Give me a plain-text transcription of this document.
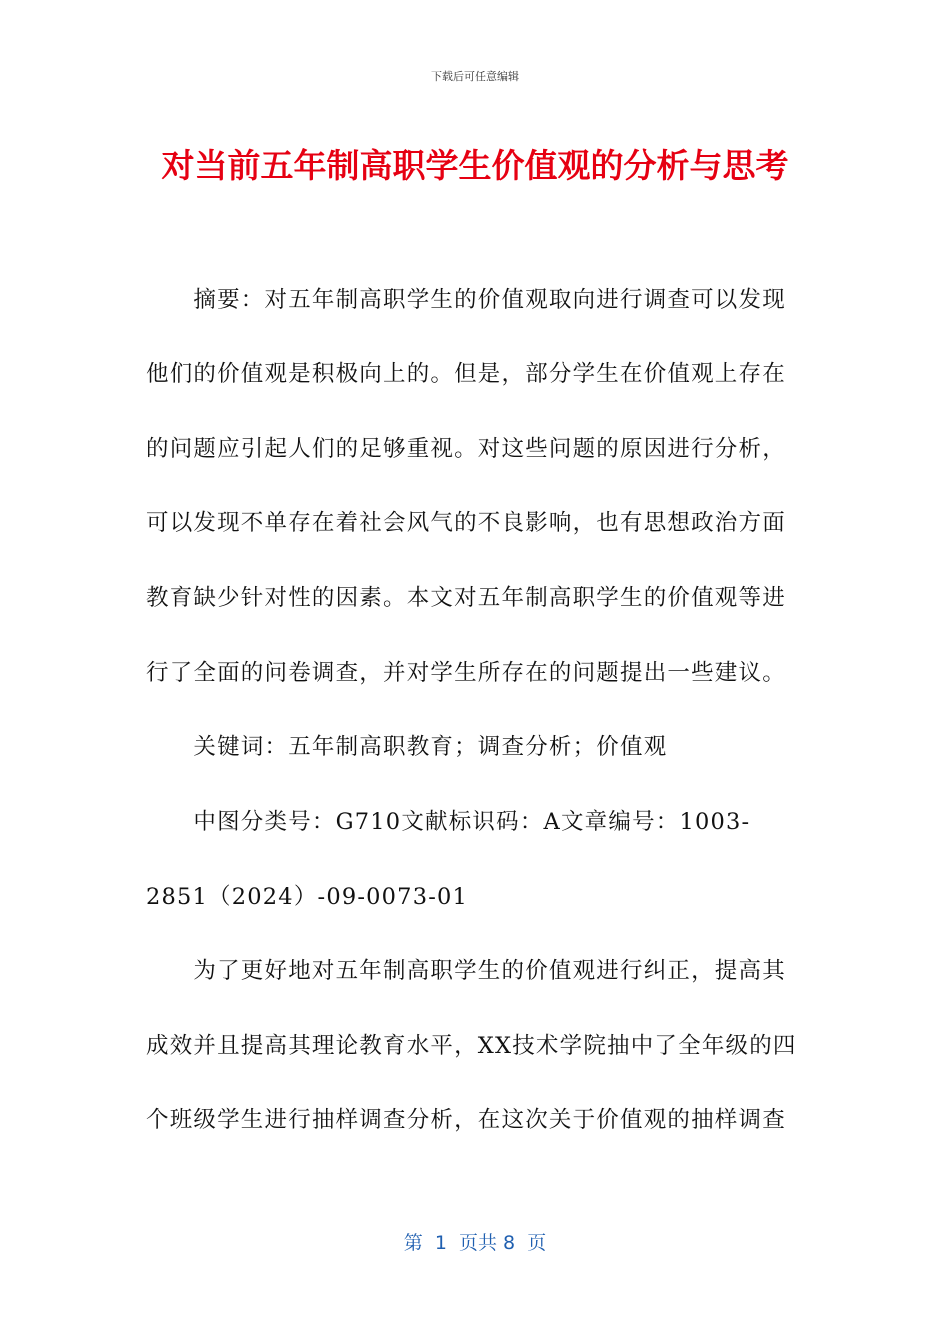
下载后可任意编辑
对当前五年制高职学生价值观的分析与思考
　　摘要：对五年制高职学生的价值观取向进行调查可以发现
他们的价值观是积极向上的。但是，部分学生在价值观上存在
的问题应引起人们的足够重视。对这些问题的原因进行分析，
可以发现不单存在着社会风气的不良影响，也有思想政治方面
教育缺少针对性的因素。本文对五年制高职学生的价值观等进
行了全面的问卷调查，并对学生所存在的问题提出一些建议。
　　关键词：五年制高职教育；调查分析；价值观
　　中图分类号：G710文献标识码：A文章编号：1003-
2851（2024）-09-0073-01
　　为了更好地对五年制高职学生的价值观进行纠正，提高其
成效并且提高其理论教育水平，XX技术学院抽中了全年级的四
个班级学生进行抽样调查分析，在这次关于价值观的抽样调查
第  1  页共 8  页
